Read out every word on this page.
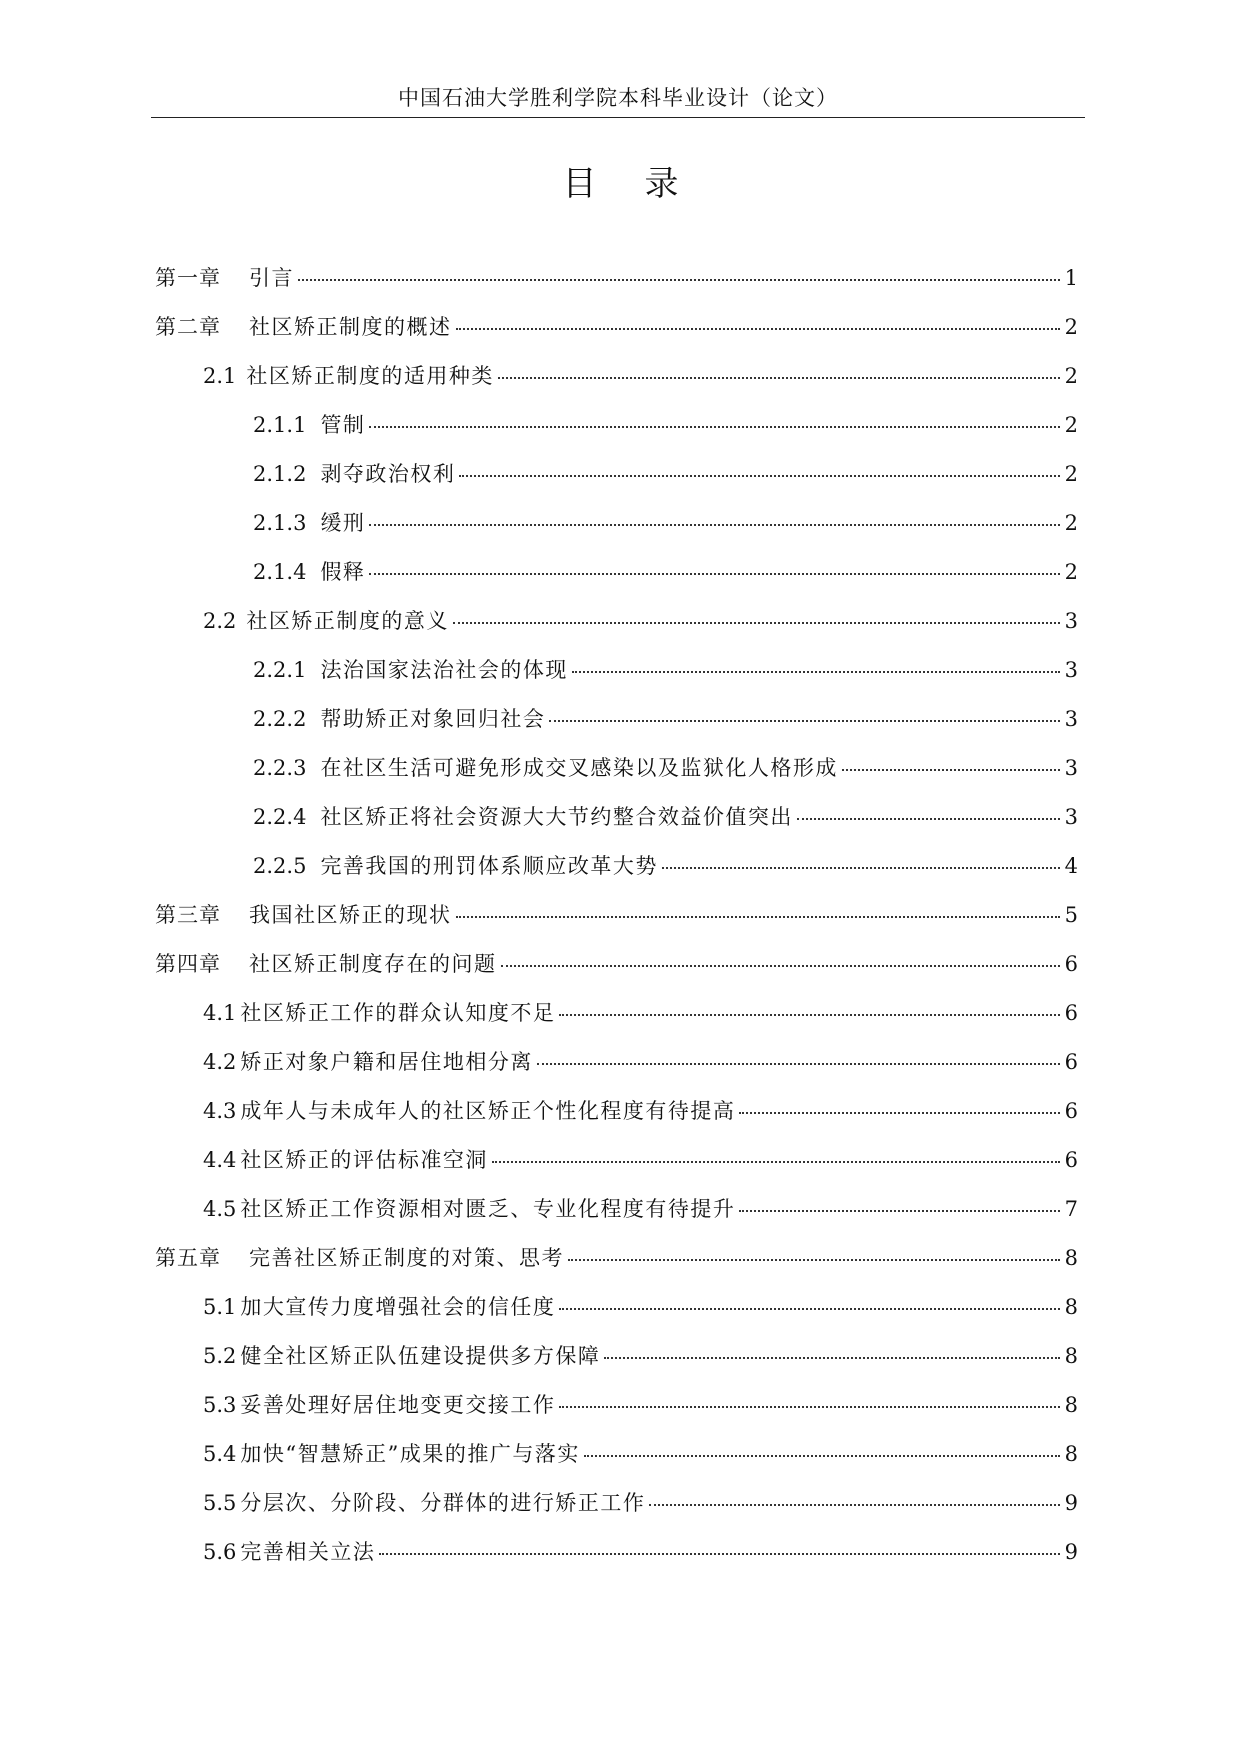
中国石油大学胜利学院本科毕业设计（论文）
目录
第一章 引言	1
第二章 社区矫正制度的概述	2
2.1 社区矫正制度的适用种类	2
2.1.1 管制	2
2.1.2 剥夺政治权利	2
2.1.3 缓刑	2
2.1.4 假释	2
2.2 社区矫正制度的意义	3
2.2.1 法治国家法治社会的体现	3
2.2.2 帮助矫正对象回归社会	3
2.2.3 在社区生活可避免形成交叉感染以及监狱化人格形成	3
2.2.4 社区矫正将社会资源大大节约整合效益价值突出	3
2.2.5 完善我国的刑罚体系顺应改革大势	4
第三章 我国社区矫正的现状	5
第四章 社区矫正制度存在的问题	6
4.1 社区矫正工作的群众认知度不足	6
4.2 矫正对象户籍和居住地相分离	6
4.3 成年人与未成年人的社区矫正个性化程度有待提高	6
4.4 社区矫正的评估标准空洞	6
4.5 社区矫正工作资源相对匮乏、专业化程度有待提升	7
第五章 完善社区矫正制度的对策、思考	8
5.1 加大宣传力度增强社会的信任度	8
5.2 健全社区矫正队伍建设提供多方保障	8
5.3 妥善处理好居住地变更交接工作	8
5.4 加快“智慧矫正”成果的推广与落实	8
5.5 分层次、分阶段、分群体的进行矫正工作	9
5.6 完善相关立法	9
